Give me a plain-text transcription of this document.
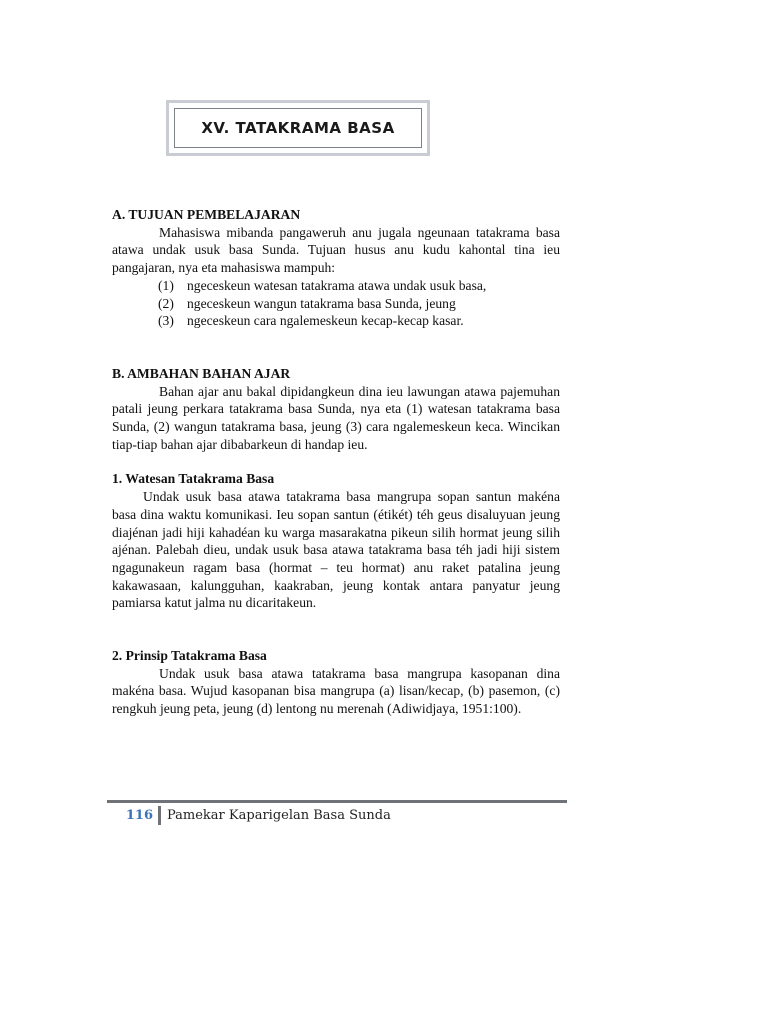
XV. TATAKRAMA BASA

A. TUJUAN PEMBELAJARAN

Mahasiswa mibanda pangaweruh anu jugala ngeunaan tatakrama basa atawa undak usuk basa Sunda. Tujuan husus anu kudu kahontal tina ieu pangajaran, nya eta mahasiswa mampuh:

(1) ngeceskeun watesan tatakrama atawa undak usuk basa,
(2) ngeceskeun wangun tatakrama basa Sunda, jeung
(3) ngeceskeun cara ngalemeskeun kecap-kecap kasar.

B. AMBAHAN BAHAN AJAR

Bahan ajar anu bakal dipidangkeun dina ieu lawungan atawa pajemuhan patali jeung perkara tatakrama basa Sunda, nya eta (1) watesan tatakrama basa Sunda, (2) wangun tatakrama basa, jeung (3) cara ngalemeskeun keca. Wincikan tiap-tiap bahan ajar dibabarkeun di handap ieu.

1. Watesan Tatakrama Basa

Undak usuk basa atawa tatakrama basa mangrupa sopan santun makéna basa dina waktu komunikasi. Ieu sopan santun (étikét) téh geus disaluyuan jeung diajénan jadi hiji kahadéan ku warga masarakatna pikeun silih hormat jeung silih ajénan. Palebah dieu, undak usuk basa atawa tatakrama basa téh jadi hiji sistem ngagunakeun ragam basa (hormat – teu hormat) anu raket patalina jeung kakawasaan, kalungguhan, kaakraban, jeung kontak antara panyatur jeung pamiarsa katut jalma nu dicaritakeun.

2. Prinsip Tatakrama Basa

Undak usuk basa atawa tatakrama basa mangrupa kasopanan dina makéna basa. Wujud kasopanan bisa mangrupa (a) lisan/kecap, (b) pasemon, (c) rengkuh jeung peta, jeung (d) lentong nu merenah (Adiwidjaya, 1951:100).

116	Pamekar Kaparigelan Basa Sunda
